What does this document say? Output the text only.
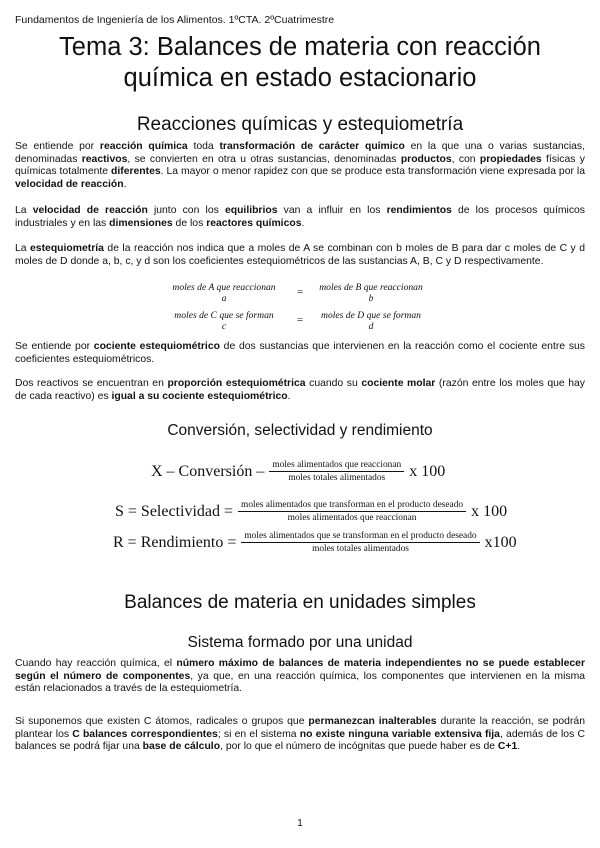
Fundamentos de Ingeniería de los Alimentos. 1ºCTA. 2ºCuatrimestre
Tema 3: Balances de materia con reacción
química en estado estacionario
Reacciones químicas y estequiometría
Se entiende por reacción química toda transformación de carácter químico en la que una o varias sustancias, denominadas reactivos, se convierten en otra u otras sustancias, denominadas productos, con propiedades físicas y químicas totalmente diferentes. La mayor o menor rapidez con que se produce esta transformación viene expresada por la velocidad de reacción.
La velocidad de reacción junto con los equilibrios van a influir en los rendimientos de los procesos químicos industriales y en las dimensiones de los reactores químicos.
La estequiometría de la reacción nos indica que a moles de A se combinan con b moles de B para dar c moles de C y d moles de D donde a, b, c, y d son los coeficientes estequiométricos de las sustancias A, B, C y D respectivamente.
moles de A que reaccionan
a
=	moles de B que reaccionan
b
moles de C que se forman
c
=	moles de D que se forman
d
Se entiende por cociente estequiométrico de dos sustancias que intervienen en la reacción como el cociente entre sus coeficientes estequiométricos.
Dos reactivos se encuentran en proporción estequiométrica cuando su cociente molar (razón entre los moles que hay de cada reactivo) es igual a su cociente estequiométrico.
Conversión, selectividad y rendimiento
X – Conversión – $\frac{\text{moles alimentados que reaccionan}}{\text{moles totales alimentados}}$ x 100
S = Selectividad = $\frac{\text{moles alimentados que transforman en el producto deseado}}{\text{moles alimentados que reaccionan}}$ x 100
R = Rendimiento = $\frac{\text{moles alimentados que se transforman en el producto deseado}}{\text{moles totales alimentados}} x100$
Balances de materia en unidades simples
Sistema formado por una unidad
Cuando hay reacción química, el número máximo de balances de materia independientes no se puede establecer según el número de componentes, ya que, en una reacción química, los componentes que intervienen en la misma están relacionados a través de la estequiometría.
Si suponemos que existen C átomos, radicales o grupos que permanezcan inalterables durante la reacción, se podrán plantear los C balances correspondientes; si en el sistema no existe ninguna variable extensiva fija, además de los C balances se podrá fijar una base de cálculo, por lo que el número de incógnitas que puede haber es de C+1.
1
